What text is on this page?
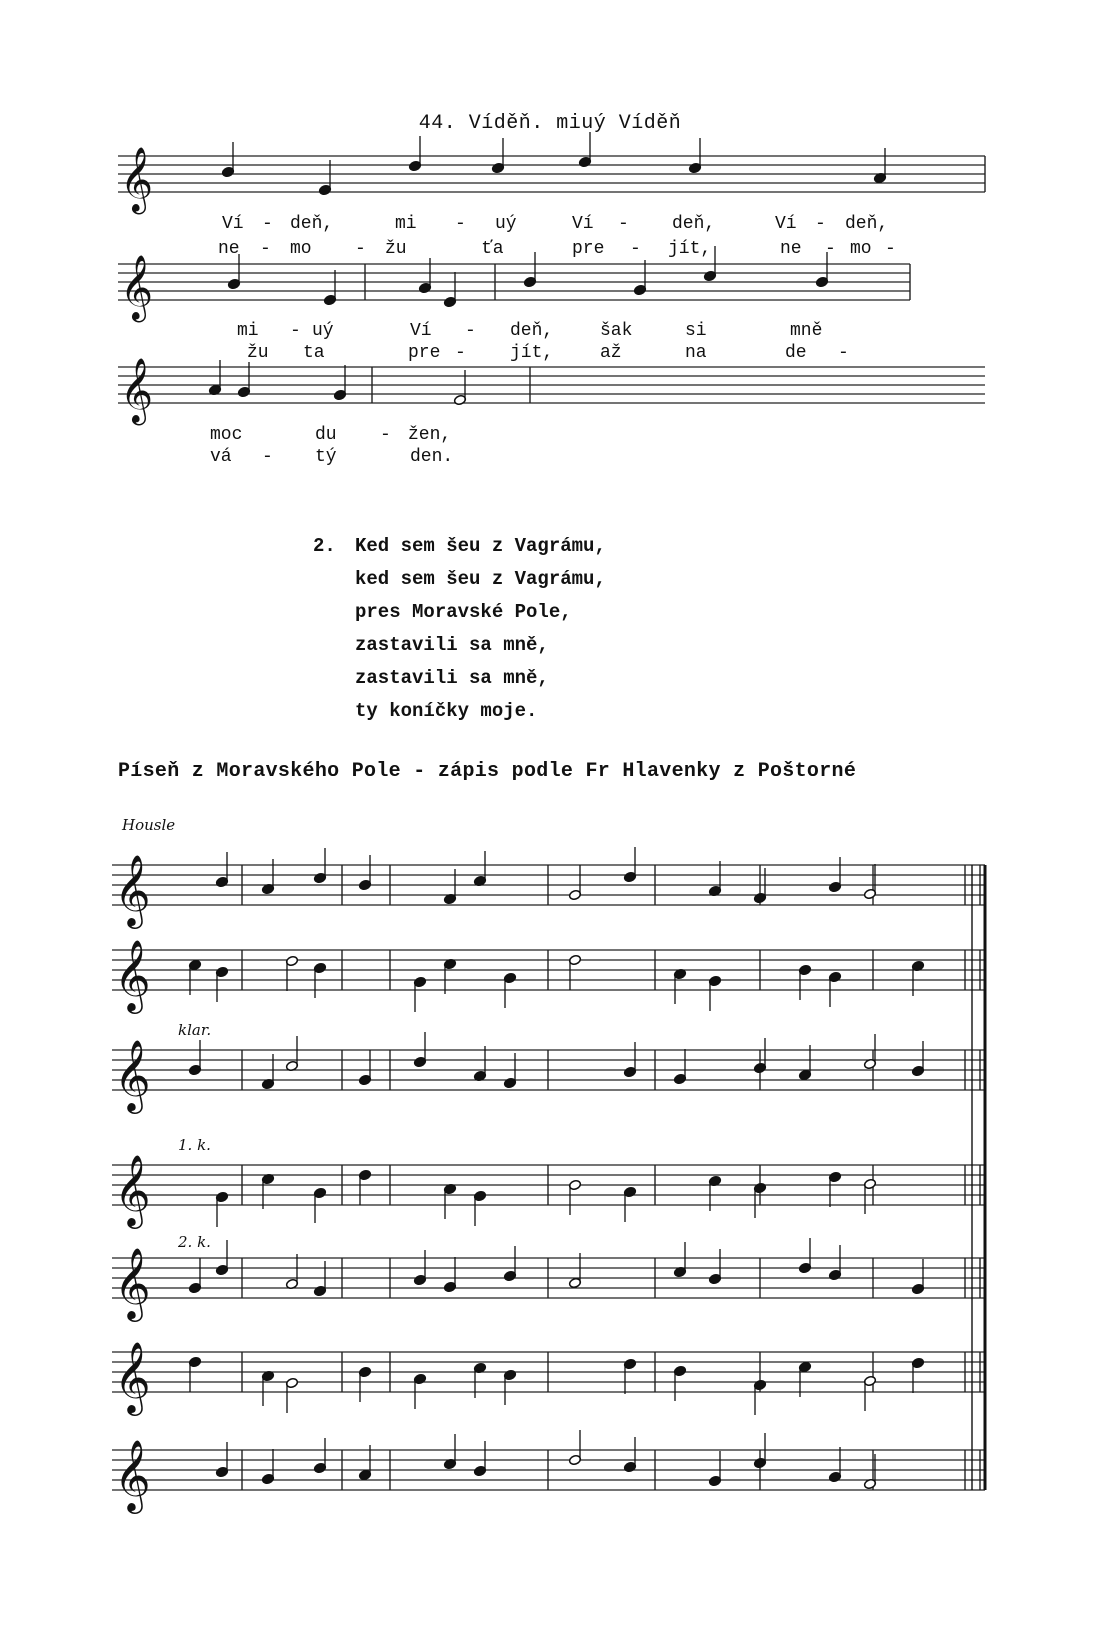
44. Víděň. miuý Víděň
𝄞
𝄞
𝄞
Ví - deň,	mi - uý	Ví - deň,	Ví - deň,
ne - mo - žu	ťa	pre - jít,	ne - mo -
mi - uý	Ví - deň,	šak	si	mně
žu ta	pre - jít,	až	na	de -
moc	du - žen,
vá - tý	den.
𝄞
𝄞
𝄞
𝄞
𝄞
𝄞
𝄞
Housle
klar.
1. k.
2. k.
2. Ked sem šeu z Vagrámu,
ked sem šeu z Vagrámu,
pres Moravské Pole,
zastavili sa mně,
zastavili sa mně,
ty koníčky moje.
Píseň z Moravského Pole - zápis podle Fr Hlavenky z Poštorné
